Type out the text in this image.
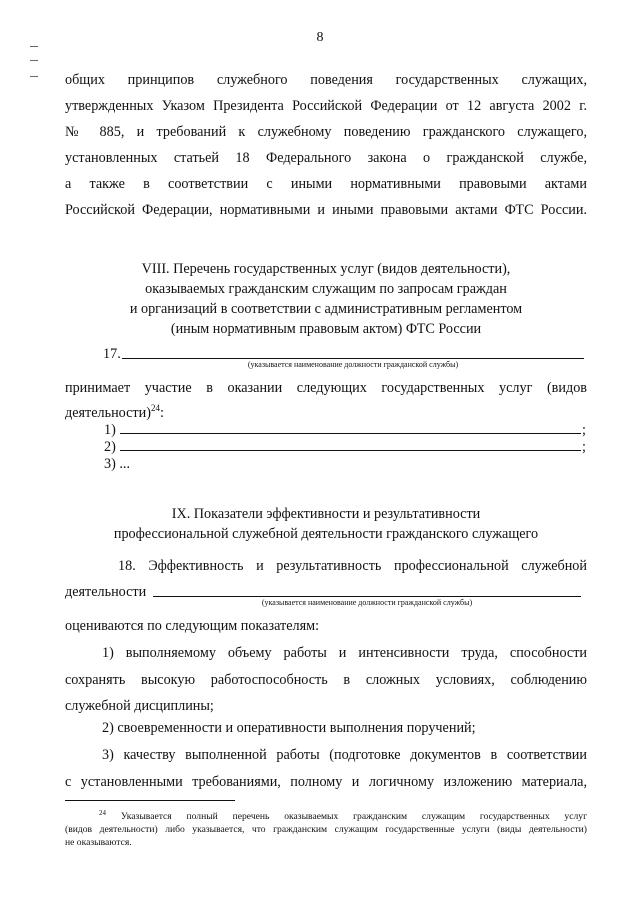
8
общих принципов служебного поведения государственных служащих,
утвержденных Указом Президента Российской Федерации от 12 августа 2002 г.
№ 885, и требований к служебному поведению гражданского служащего,
установленных статьей 18 Федерального закона о гражданской службе,
а также в соответствии с иными нормативными правовыми актами
Российской Федерации, нормативными и иными правовыми актами ФТС России.
VIII. Перечень государственных услуг (видов деятельности),
оказываемых гражданским служащим по запросам граждан
и организаций в соответствии с административным регламентом
(иным нормативным правовым актом) ФТС России
17.
(указывается наименование должности гражданской службы)
принимает участие в оказании следующих государственных услуг (видов
деятельности)$^{24}$:
1)	;
2)	;
3) ...
IX. Показатели эффективности и результативности
профессиональной служебной деятельности гражданского служащего
18. Эффективность и результативность профессиональной служебной
деятельности
(указывается наименование должности гражданской службы)
оцениваются по следующим показателям:
1) выполняемому объему работы и интенсивности труда, способности
сохранять высокую работоспособность в сложных условиях, соблюдению
служебной дисциплины;
2) своевременности и оперативности выполнения поручений;
3) качеству выполненной работы (подготовке документов в соответствии
с установленными требованиями, полному и логичному изложению материала,
$^{24}$ Указывается полный перечень оказываемых гражданским служащим государственных услуг
(видов деятельности) либо указывается, что гражданским служащим государственные услуги (виды деятельности)
не оказываются.
